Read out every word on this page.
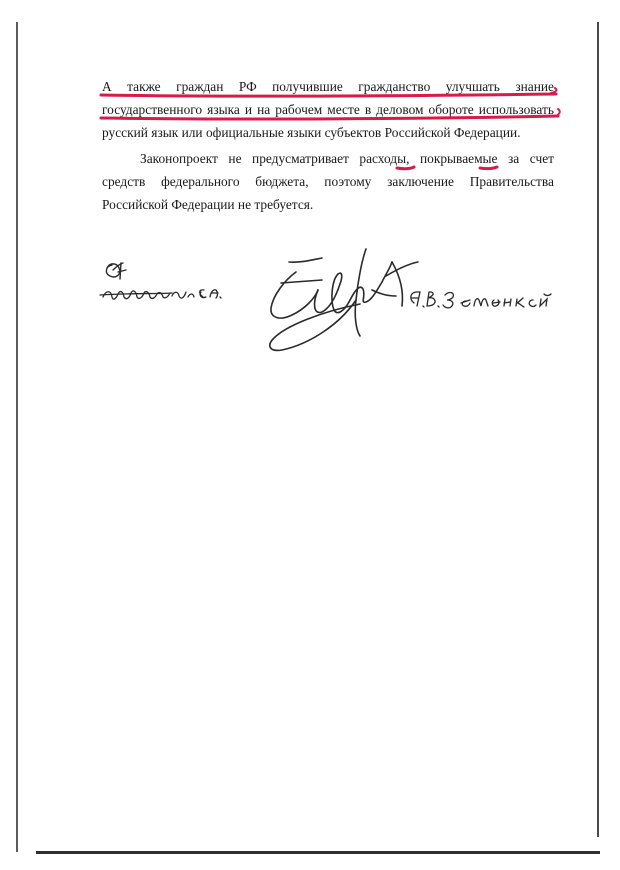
А также граждан РФ получившие гражданство улучшать знание
государственного языка и на рабочем месте в деловом обороте использовать
русский язык или официальные языки субъектов Российской Федерации.
Законопроект не предусматривает расходы, покрываемые за счет
средств федерального бюджета, поэтому заключение Правительства
Российской Федерации не требуется.
